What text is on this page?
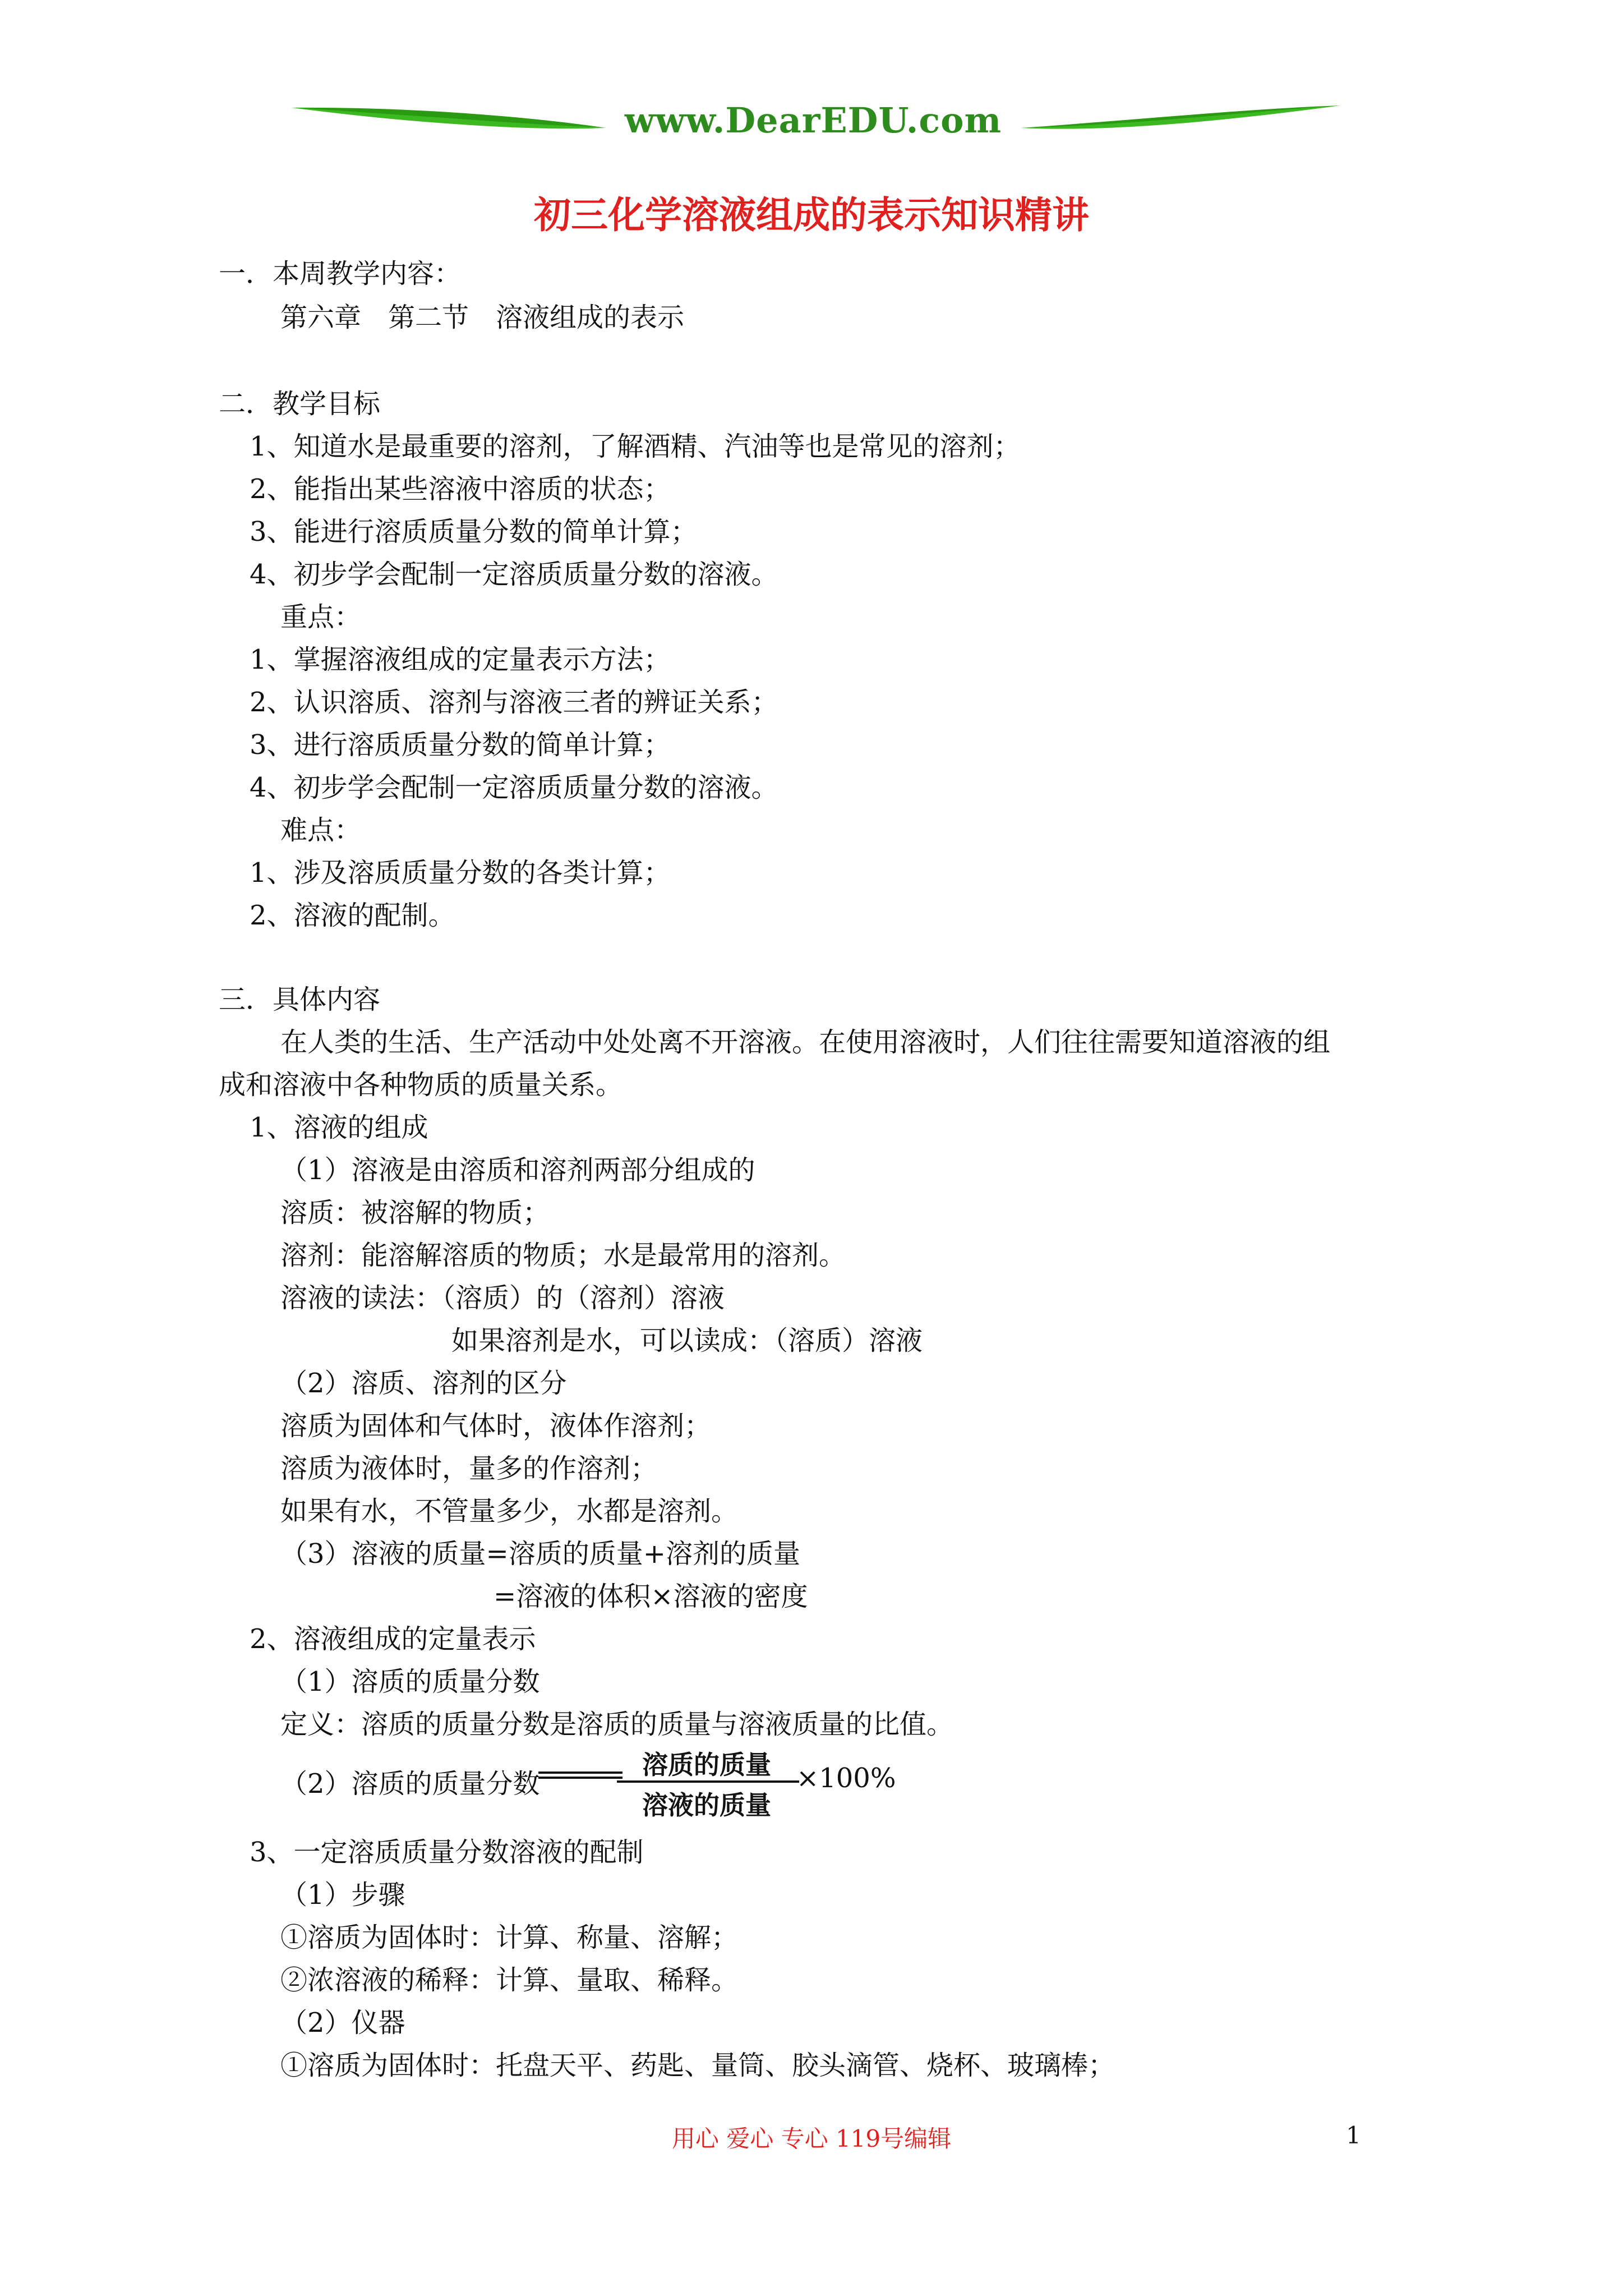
www.DearEDU.com
初三化学溶液组成的表示知识精讲
一．本周教学内容：
第六章　第二节　溶液组成的表示
二．教学目标
1、知道水是最重要的溶剂，了解酒精、汽油等也是常见的溶剂；
2、能指出某些溶液中溶质的状态；
3、能进行溶质质量分数的简单计算；
4、初步学会配制一定溶质质量分数的溶液。
重点：
1、掌握溶液组成的定量表示方法；
2、认识溶质、溶剂与溶液三者的辨证关系；
3、进行溶质质量分数的简单计算；
4、初步学会配制一定溶质质量分数的溶液。
难点：
1、涉及溶质质量分数的各类计算；
2、溶液的配制。
三．具体内容
在人类的生活、生产活动中处处离不开溶液。在使用溶液时，人们往往需要知道溶液的组
成和溶液中各种物质的质量关系。
1、溶液的组成
（1）溶液是由溶质和溶剂两部分组成的
溶质：被溶解的物质；
溶剂：能溶解溶质的物质；水是最常用的溶剂。
溶液的读法：（溶质）的（溶剂）溶液
如果溶剂是水，可以读成：（溶质）溶液
（2）溶质、溶剂的区分
溶质为固体和气体时，液体作溶剂；
溶质为液体时，量多的作溶剂；
如果有水，不管量多少，水都是溶剂。
（3）溶液的质量=溶质的质量+溶剂的质量
=溶液的体积×溶液的密度
2、溶液组成的定量表示
（1）溶质的质量分数
定义：溶质的质量分数是溶质的质量与溶液质量的比值。
（2）溶质的质量分数
溶质的质量
溶液的质量
×100%
3、一定溶质质量分数溶液的配制
（1）步骤
①溶质为固体时：计算、称量、溶解；
②浓溶液的稀释：计算、量取、稀释。
（2）仪器
①溶质为固体时：托盘天平、药匙、量筒、胶头滴管、烧杯、玻璃棒；
用心 爱心 专心 119号编辑	1
